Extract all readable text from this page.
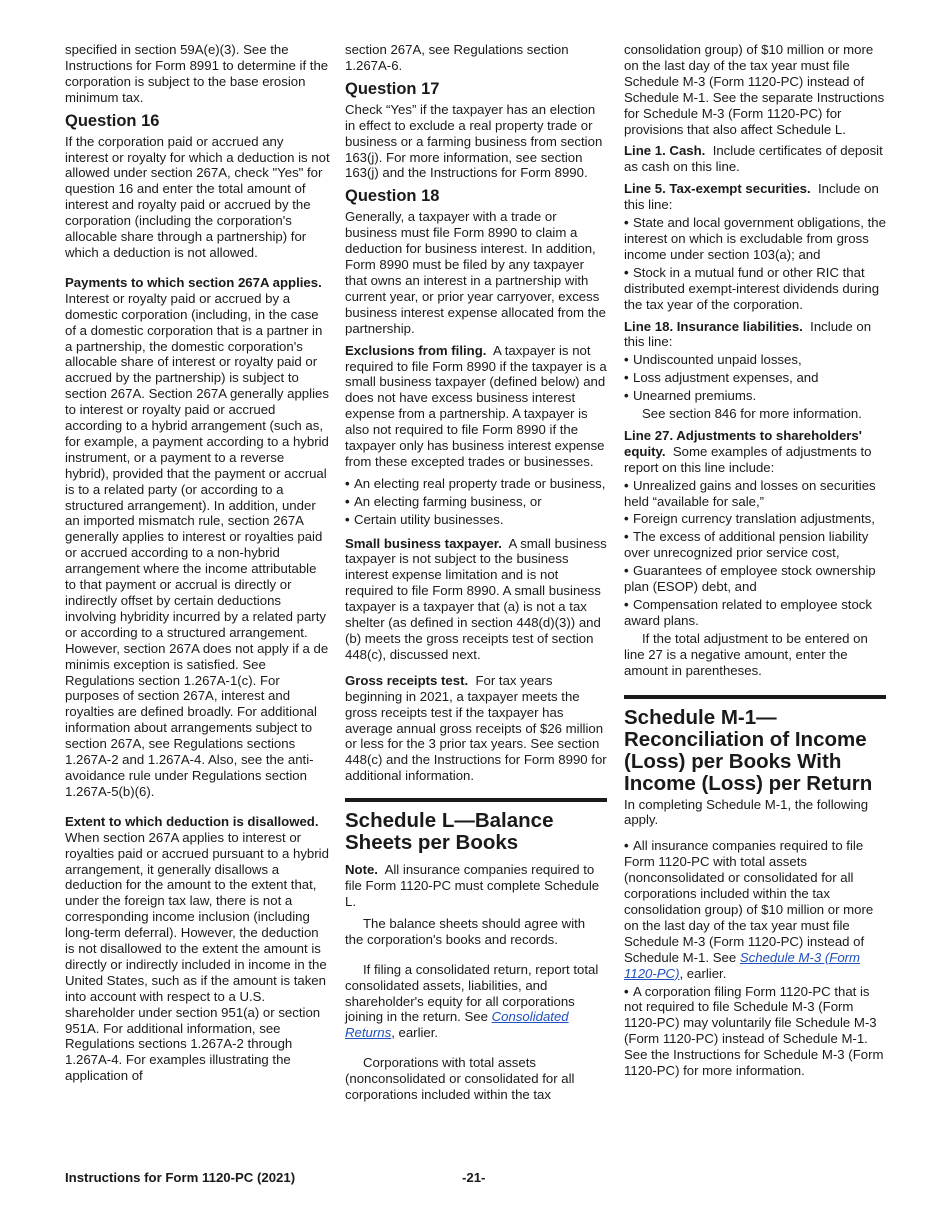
specified in section 59A(e)(3). See the Instructions for Form 8991 to determine if the corporation is subject to the base erosion minimum tax.

Question 16

If the corporation paid or accrued any interest or royalty for which a deduction is not allowed under section 267A, check "Yes" for question 16 and enter the total amount of interest and royalty paid or accrued by the corporation (including the corporation's allocable share through a partnership) for which a deduction is not allowed.

Payments to which section 267A applies.  Interest or royalty paid or accrued by a domestic corporation (including, in the case of a domestic corporation that is a partner in a partnership, the domestic corporation's allocable share of interest or royalty paid or accrued by the partnership) is subject to section 267A. Section 267A generally applies to interest or royalty paid or accrued according to a hybrid arrangement (such as, for example, a payment according to a hybrid instrument, or a payment to a reverse hybrid), provided that the payment or accrual is to a related party (or according to a structured arrangement). In addition, under an imported mismatch rule, section 267A generally applies to interest or royalties paid or accrued according to a non-hybrid arrangement where the income attributable to that payment or accrual is directly or indirectly offset by certain deductions involving hybridity incurred by a related party or according to a structured arrangement. However, section 267A does not apply if a de minimis exception is satisfied. See Regulations section 1.267A-1(c). For purposes of section 267A, interest and royalties are defined broadly. For additional information about arrangements subject to section 267A, see Regulations sections 1.267A-2 and 1.267A-4. Also, see the anti-avoidance rule under Regulations section 1.267A-5(b)(6).

Extent to which deduction is disallowed.  When section 267A applies to interest or royalties paid or accrued pursuant to a hybrid arrangement, it generally disallows a deduction for the amount to the extent that, under the foreign tax law, there is not a corresponding income inclusion (including long-term deferral). However, the deduction is not disallowed to the extent the amount is directly or indirectly included in income in the United States, such as if the amount is taken into account with respect to a U.S. shareholder under section 951(a) or section 951A. For additional information, see Regulations sections 1.267A-2 through 1.267A-4. For examples illustrating the application of

section 267A, see Regulations section 1.267A-6.

Question 17

Check “Yes” if the taxpayer has an election in effect to exclude a real property trade or business or a farming business from section 163(j). For more information, see section 163(j) and the Instructions for Form 8990.

Question 18

Generally, a taxpayer with a trade or business must file Form 8990 to claim a deduction for business interest. In addition, Form 8990 must be filed by any taxpayer that owns an interest in a partnership with current year, or prior year carryover, excess business interest expense allocated from the partnership.

Exclusions from filing. A taxpayer is not required to file Form 8990 if the taxpayer is a small business taxpayer (defined below) and does not have excess business interest expense from a partnership. A taxpayer is also not required to file Form 8990 if the taxpayer only has business interest expense from these excepted trades or businesses.

• An electing real property trade or business,
• An electing farming business, or
• Certain utility businesses.

Small business taxpayer. A small business taxpayer is not subject to the business interest expense limitation and is not required to file Form 8990. A small business taxpayer is a taxpayer that (a) is not a tax shelter (as defined in section 448(d)(3)) and (b) meets the gross receipts test of section 448(c), discussed next.

Gross receipts test. For tax years beginning in 2021, a taxpayer meets the gross receipts test if the taxpayer has average annual gross receipts of $26 million or less for the 3 prior tax years. See section 448(c) and the Instructions for Form 8990 for additional information.

Schedule L—Balance Sheets per Books

Note. All insurance companies required to file Form 1120-PC must complete Schedule L.

The balance sheets should agree with the corporation's books and records.

If filing a consolidated return, report total consolidated assets, liabilities, and shareholder's equity for all corporations joining in the return. See Consolidated Returns, earlier.

Corporations with total assets (nonconsolidated or consolidated for all corporations included within the tax

consolidation group) of $10 million or more on the last day of the tax year must file Schedule M-3 (Form 1120-PC) instead of Schedule M-1. See the separate Instructions for Schedule M-3 (Form 1120-PC) for provisions that also affect Schedule L.

Line 1. Cash. Include certificates of deposit as cash on this line.

Line 5. Tax-exempt securities. Include on this line:

• State and local government obligations, the interest on which is excludable from gross income under section 103(a); and
• Stock in a mutual fund or other RIC that distributed exempt-interest dividends during the tax year of the corporation.

Line 18. Insurance liabilities. Include on this line:

• Undiscounted unpaid losses,
• Loss adjustment expenses, and
• Unearned premiums.

See section 846 for more information.

Line 27. Adjustments to shareholders' equity. Some examples of adjustments to report on this line include:

• Unrealized gains and losses on securities held “available for sale,”
• Foreign currency translation adjustments,
• The excess of additional pension liability over unrecognized prior service cost,
• Guarantees of employee stock ownership plan (ESOP) debt, and
• Compensation related to employee stock award plans.

If the total adjustment to be entered on line 27 is a negative amount, enter the amount in parentheses.

Schedule M-1—Reconciliation of Income (Loss) per Books With Income (Loss) per Return

In completing Schedule M-1, the following apply.

• All insurance companies required to file Form 1120-PC with total assets (nonconsolidated or consolidated for all corporations included within the tax consolidation group) of $10 million or more on the last day of the tax year must file Schedule M-3 (Form 1120-PC) instead of Schedule M-1. See Schedule M-3 (Form 1120-PC), earlier.
• A corporation filing Form 1120-PC that is not required to file Schedule M-3 (Form 1120-PC) may voluntarily file Schedule M-3 (Form 1120-PC) instead of Schedule M-1. See the Instructions for Schedule M-3 (Form 1120-PC) for more information.
Instructions for Form 1120-PC (2021)	-21-
